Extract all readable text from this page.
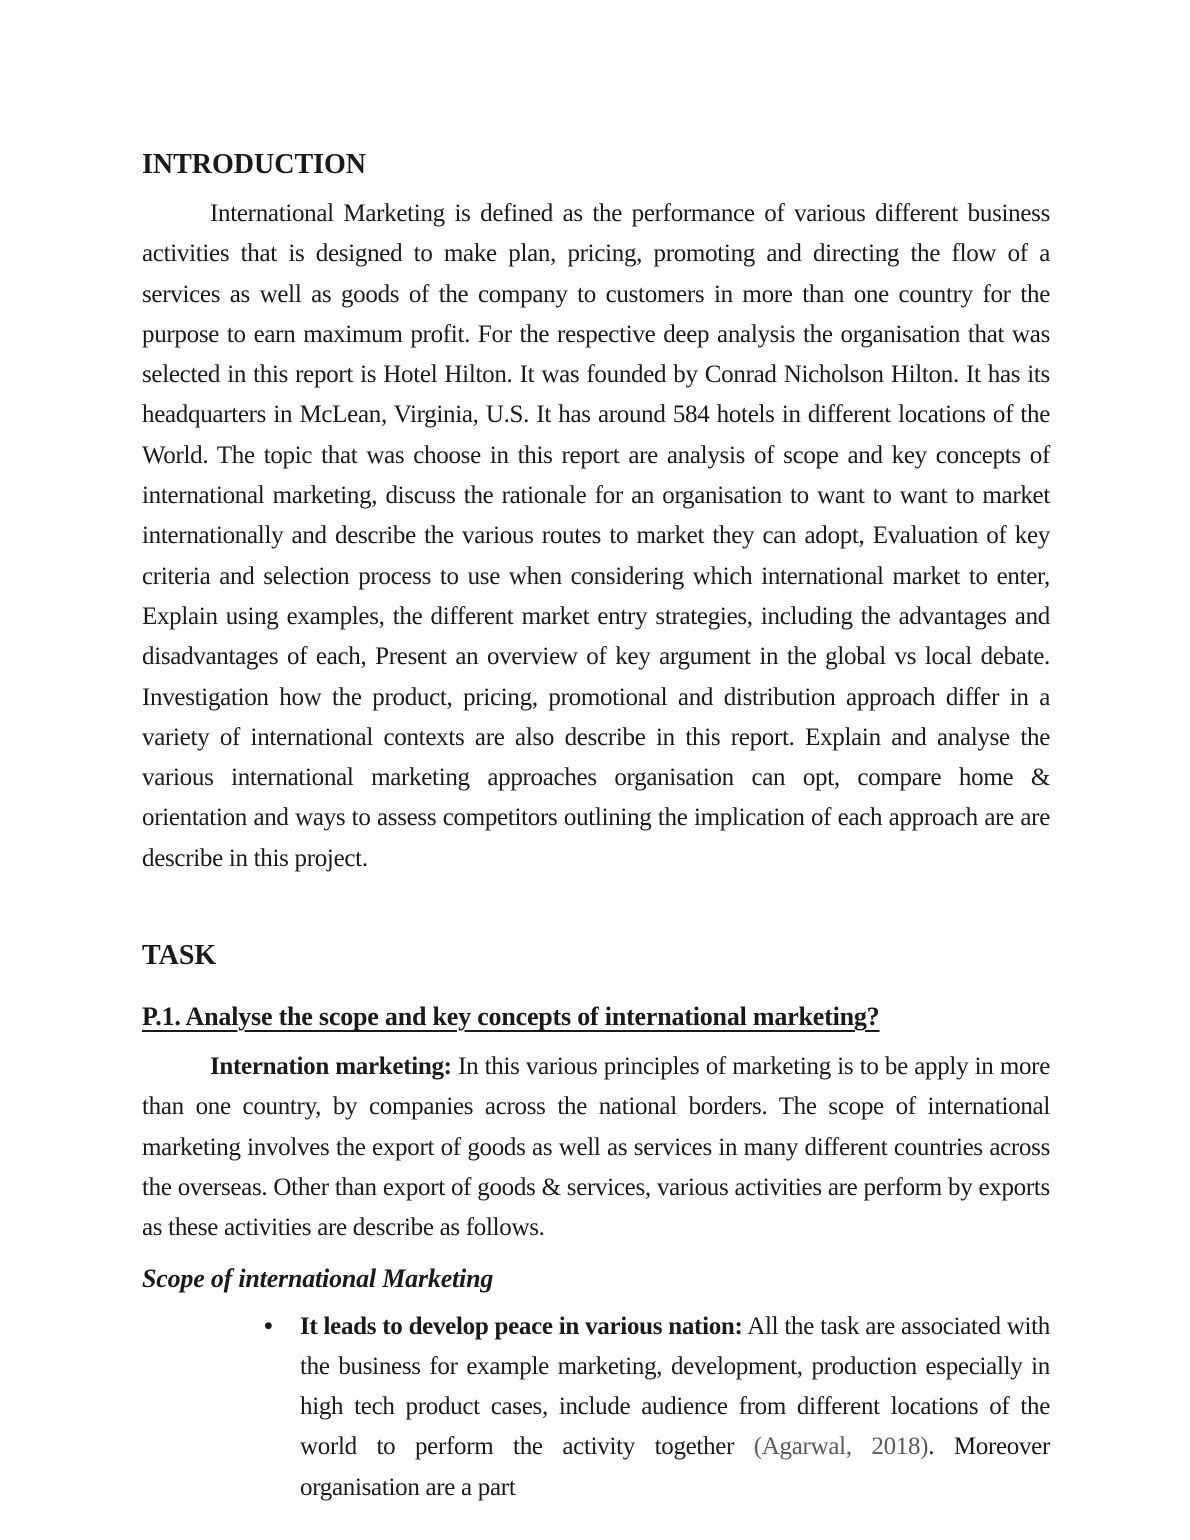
INTRODUCTION

International Marketing is defined as the performance of various different business activities that is designed to make plan, pricing, promoting and directing the flow of a services as well as goods of the company to customers in more than one country for the purpose to earn maximum profit. For the respective deep analysis the organisation that was selected in this report is Hotel Hilton. It was founded by Conrad Nicholson Hilton. It has its headquarters in McLean, Virginia, U.S. It has around 584 hotels in different locations of the World. The topic that was choose in this report are analysis of scope and key concepts of international marketing, discuss the rationale for an organisation to want to want to market internationally and describe the various routes to market they can adopt, Evaluation of key criteria and selection process to use when considering which international market to enter, Explain using examples, the different market entry strategies, including the advantages and disadvantages of each, Present an overview of key argument in the global vs local debate. Investigation how the product, pricing, promotional and distribution approach differ in a variety of international contexts are also describe in this report. Explain and analyse the various international marketing approaches organisation can opt, compare home & orientation and ways to assess competitors outlining the implication of each approach are are describe in this project.

TASK
P.1. Analyse the scope and key concepts of international marketing?

Internation marketing: In this various principles of marketing is to be apply in more than one country, by companies across the national borders. The scope of international marketing involves the export of goods as well as services in many different countries across the overseas. Other than export of goods & services, various activities are perform by exports as these activities are describe as follows.

Scope of international Marketing
•	It leads to develop peace in various nation: All the task are associated with the business for example marketing, development, production especially in high tech product cases, include audience from different locations of the world to perform the activity together (Agarwal, 2018). Moreover organisation are a part
